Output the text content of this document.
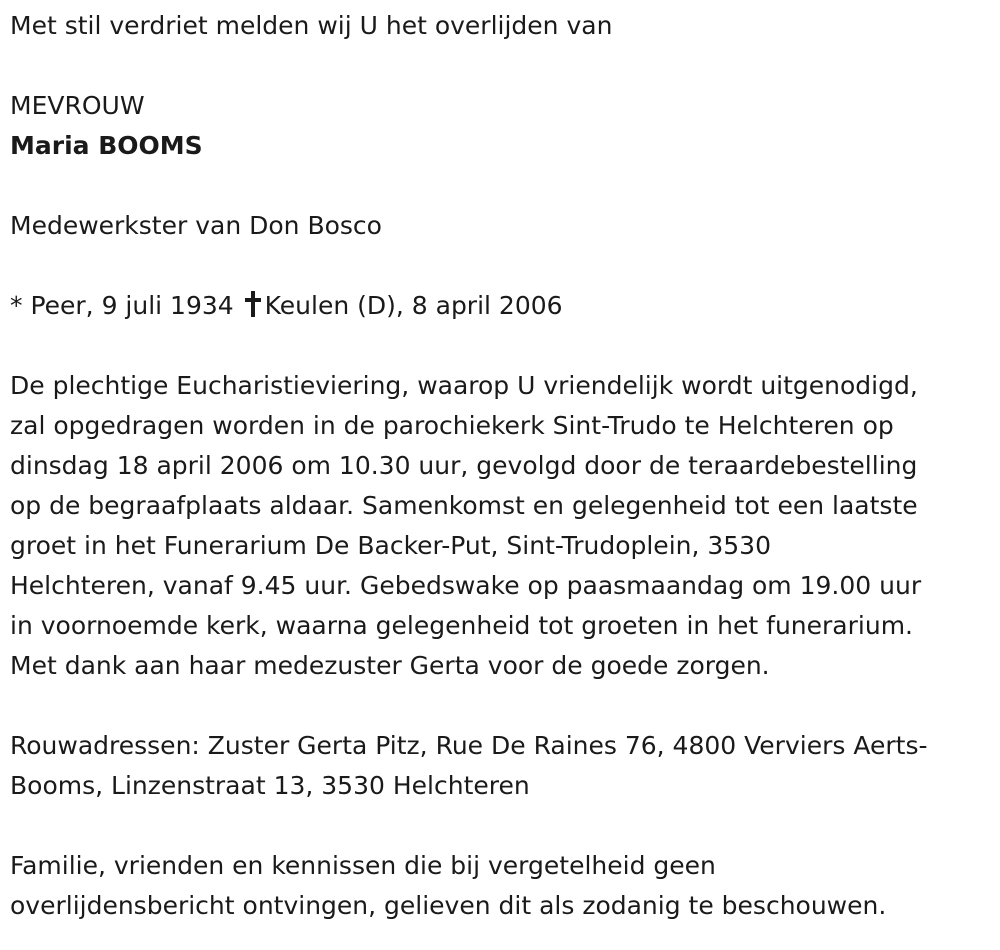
Met stil verdriet melden wij U het overlijden van
MEVROUW
Maria BOOMS
Medewerkster van Don Bosco
* Peer, 9 juli 1934 Keulen (D), 8 april 2006
De plechtige Eucharistieviering, waarop U vriendelijk wordt uitgenodigd,
zal opgedragen worden in de parochiekerk Sint-Trudo te Helchteren op
dinsdag 18 april 2006 om 10.30 uur, gevolgd door de teraardebestelling
op de begraafplaats aldaar. Samenkomst en gelegenheid tot een laatste
groet in het Funerarium De Backer-Put, Sint-Trudoplein, 3530
Helchteren, vanaf 9.45 uur. Gebedswake op paasmaandag om 19.00 uur
in voornoemde kerk, waarna gelegenheid tot groeten in het funerarium.
Met dank aan haar medezuster Gerta voor de goede zorgen.
Rouwadressen: Zuster Gerta Pitz, Rue De Raines 76, 4800 Verviers Aerts-
Booms, Linzenstraat 13, 3530 Helchteren
Familie, vrienden en kennissen die bij vergetelheid geen
overlijdensbericht ontvingen, gelieven dit als zodanig te beschouwen.
